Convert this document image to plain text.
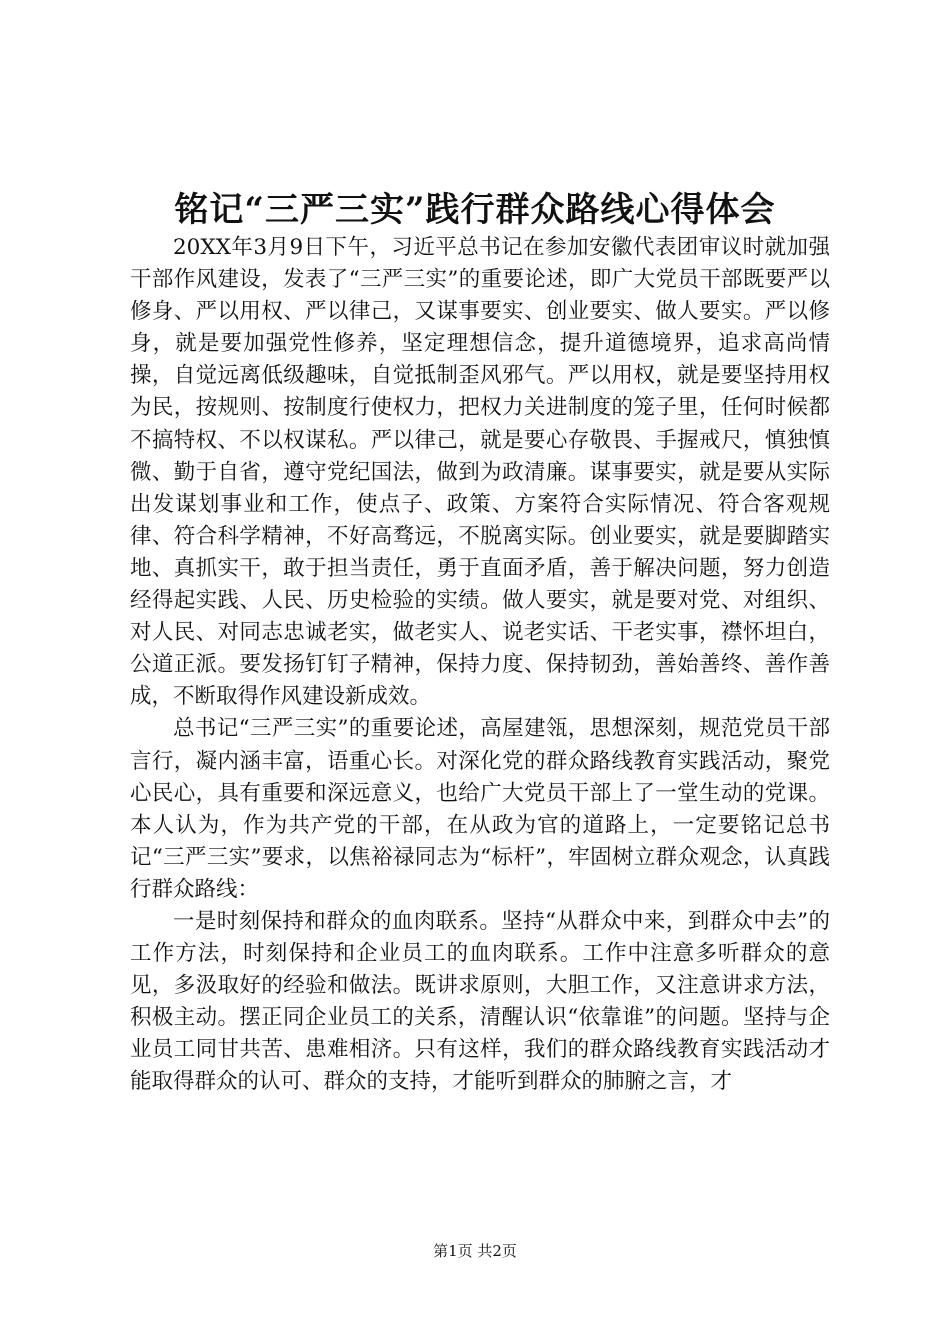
铭记“三严三实”践行群众路线心得体会

20XX年3月9日下午，习近平总书记在参加安徽代表团审议时就加强干部作风建设，发表了“三严三实”的重要论述，即广大党员干部既要严以修身、严以用权、严以律己，又谋事要实、创业要实、做人要实。严以修身，就是要加强党性修养，坚定理想信念，提升道德境界，追求高尚情操，自觉远离低级趣味，自觉抵制歪风邪气。严以用权，就是要坚持用权为民，按规则、按制度行使权力，把权力关进制度的笼子里，任何时候都不搞特权、不以权谋私。严以律己，就是要心存敬畏、手握戒尺，慎独慎微、勤于自省，遵守党纪国法，做到为政清廉。谋事要实，就是要从实际出发谋划事业和工作，使点子、政策、方案符合实际情况、符合客观规律、符合科学精神，不好高骛远，不脱离实际。创业要实，就是要脚踏实地、真抓实干，敢于担当责任，勇于直面矛盾，善于解决问题，努力创造经得起实践、人民、历史检验的实绩。做人要实，就是要对党、对组织、对人民、对同志忠诚老实，做老实人、说老实话、干老实事，襟怀坦白，公道正派。要发扬钉钉子精神，保持力度、保持韧劲，善始善终、善作善成，不断取得作风建设新成效。

总书记“三严三实”的重要论述，高屋建瓴，思想深刻，规范党员干部言行，凝内涵丰富，语重心长。对深化党的群众路线教育实践活动，聚党心民心，具有重要和深远意义，也给广大党员干部上了一堂生动的党课。本人认为，作为共产党的干部，在从政为官的道路上，一定要铭记总书记“三严三实”要求，以焦裕禄同志为“标杆”，牢固树立群众观念，认真践行群众路线：

一是时刻保持和群众的血肉联系。坚持“从群众中来，到群众中去”的工作方法，时刻保持和企业员工的血肉联系。工作中注意多听群众的意见，多汲取好的经验和做法。既讲求原则，大胆工作，又注意讲求方法，积极主动。摆正同企业员工的关系，清醒认识“依靠谁”的问题。坚持与企业员工同甘共苦、患难相济。只有这样，我们的群众路线教育实践活动才能取得群众的认可、群众的支持，才能听到群众的肺腑之言，才

第1页 共2页
